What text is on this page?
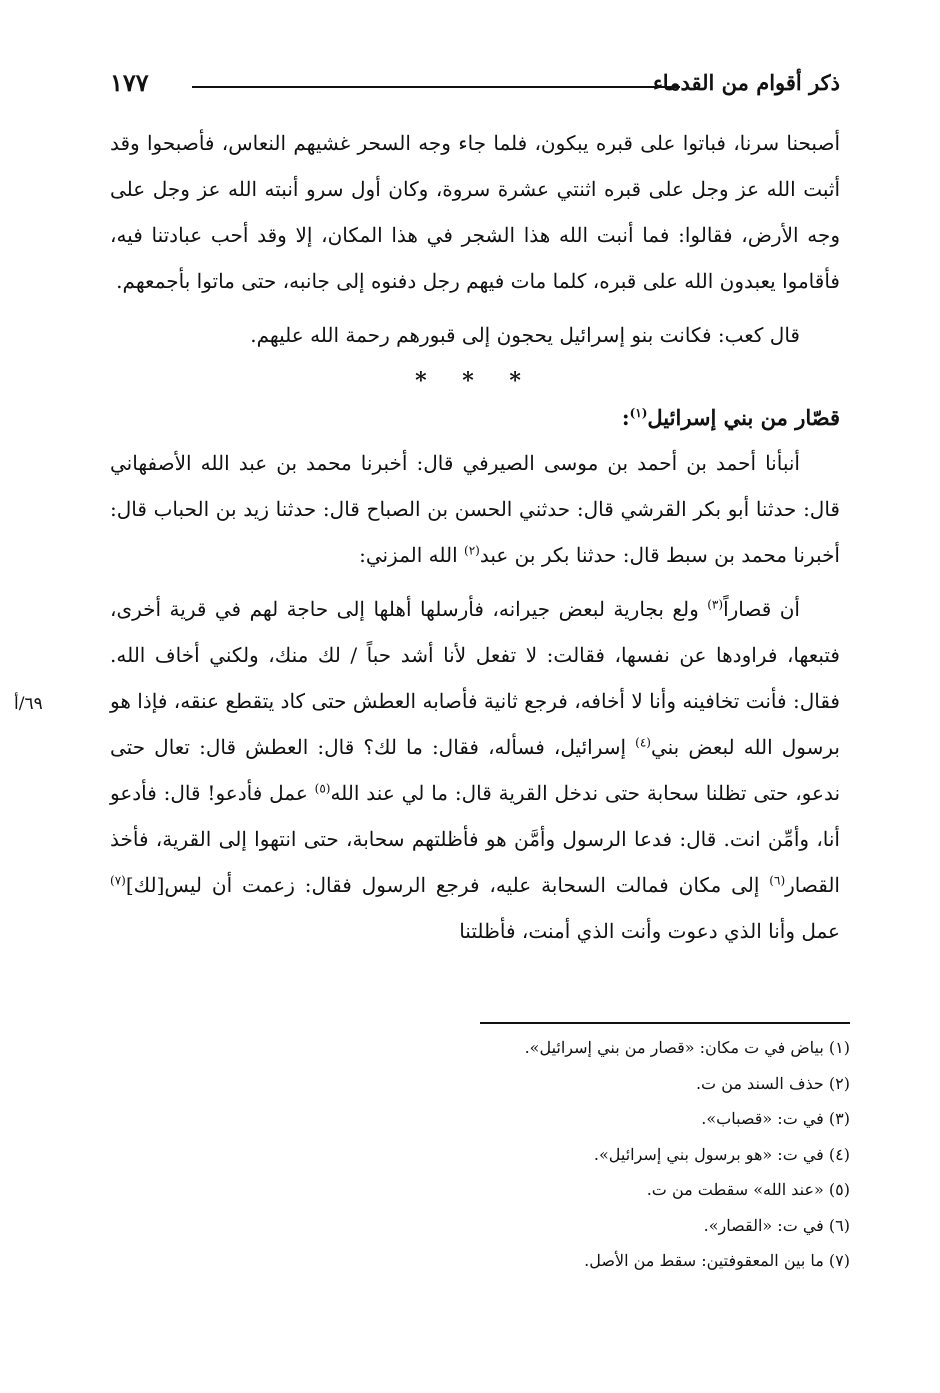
ذكر أقوام من القدماء
١٧٧
٦٩/أ

أصبحنا سرنا، فباتوا على قبره يبكون، فلما جاء وجه السحر غشيهم النعاس، فأصبحوا وقد أثبت الله عز وجل على قبره اثنتي عشرة سروة، وكان أول سرو أنبته الله عز وجل على وجه الأرض، فقالوا: فما أنبت الله هذا الشجر في هذا المكان، إلا وقد أحب عبادتنا فيه، فأقاموا يعبدون الله على قبره، كلما مات فيهم رجل دفنوه إلى جانبه، حتى ماتوا بأجمعهم.

قال كعب: فكانت بنو إسرائيل يحجون إلى قبورهم رحمة الله عليهم.

* * *
قصّار من بني إسرائيل$^{(١)}$:

أنبأنا أحمد بن أحمد بن موسى الصيرفي قال: أخبرنا محمد بن عبد الله الأصفهاني قال: حدثنا أبو بكر القرشي قال: حدثني الحسن بن الصباح قال: حدثنا زيد بن الحباب قال: أخبرنا محمد بن سبط قال: حدثنا بكر بن عبد$^{(٢)}$ الله المزني:

أن قصاراً$^{(٣)}$ ولع بجارية لبعض جيرانه، فأرسلها أهلها إلى حاجة لهم في قرية أخرى، فتبعها، فراودها عن نفسها، فقالت: لا تفعل لأنا أشد حباً / لك منك، ولكني أخاف الله. فقال: فأنت تخافينه وأنا لا أخافه، فرجع ثانية فأصابه العطش حتى كاد يتقطع عنقه، فإذا هو برسول الله لبعض بني$^{(٤)}$ إسرائيل، فسأله، فقال: ما لك؟ قال: العطش قال: تعال حتى ندعو، حتى تظلنا سحابة حتى ندخل القرية قال: ما لي عند الله$^{(٥)}$ عمل فأدعو! قال: فأدعو أنا، وأمِّن انت. قال: فدعا الرسول وأمَّن هو فأظلتهم سحابة، حتى انتهوا إلى القرية، فأخذ القصار$^{(٦)}$ إلى مكان فمالت السحابة عليه، فرجع الرسول فقال: زعمت أن ليس[لك]$^{(٧)}$ عمل وأنا الذي دعوت وأنت الذي أمنت، فأظلتنا

(١) بياض في ت مكان: «قصار من بني إسرائيل».

(٢) حذف السند من ت.

(٣) في ت: «قصباب».

(٤) في ت: «هو برسول بني إسرائيل».

(٥) «عند الله» سقطت من ت.

(٦) في ت: «القصار».

(٧) ما بين المعقوفتين: سقط من الأصل.
